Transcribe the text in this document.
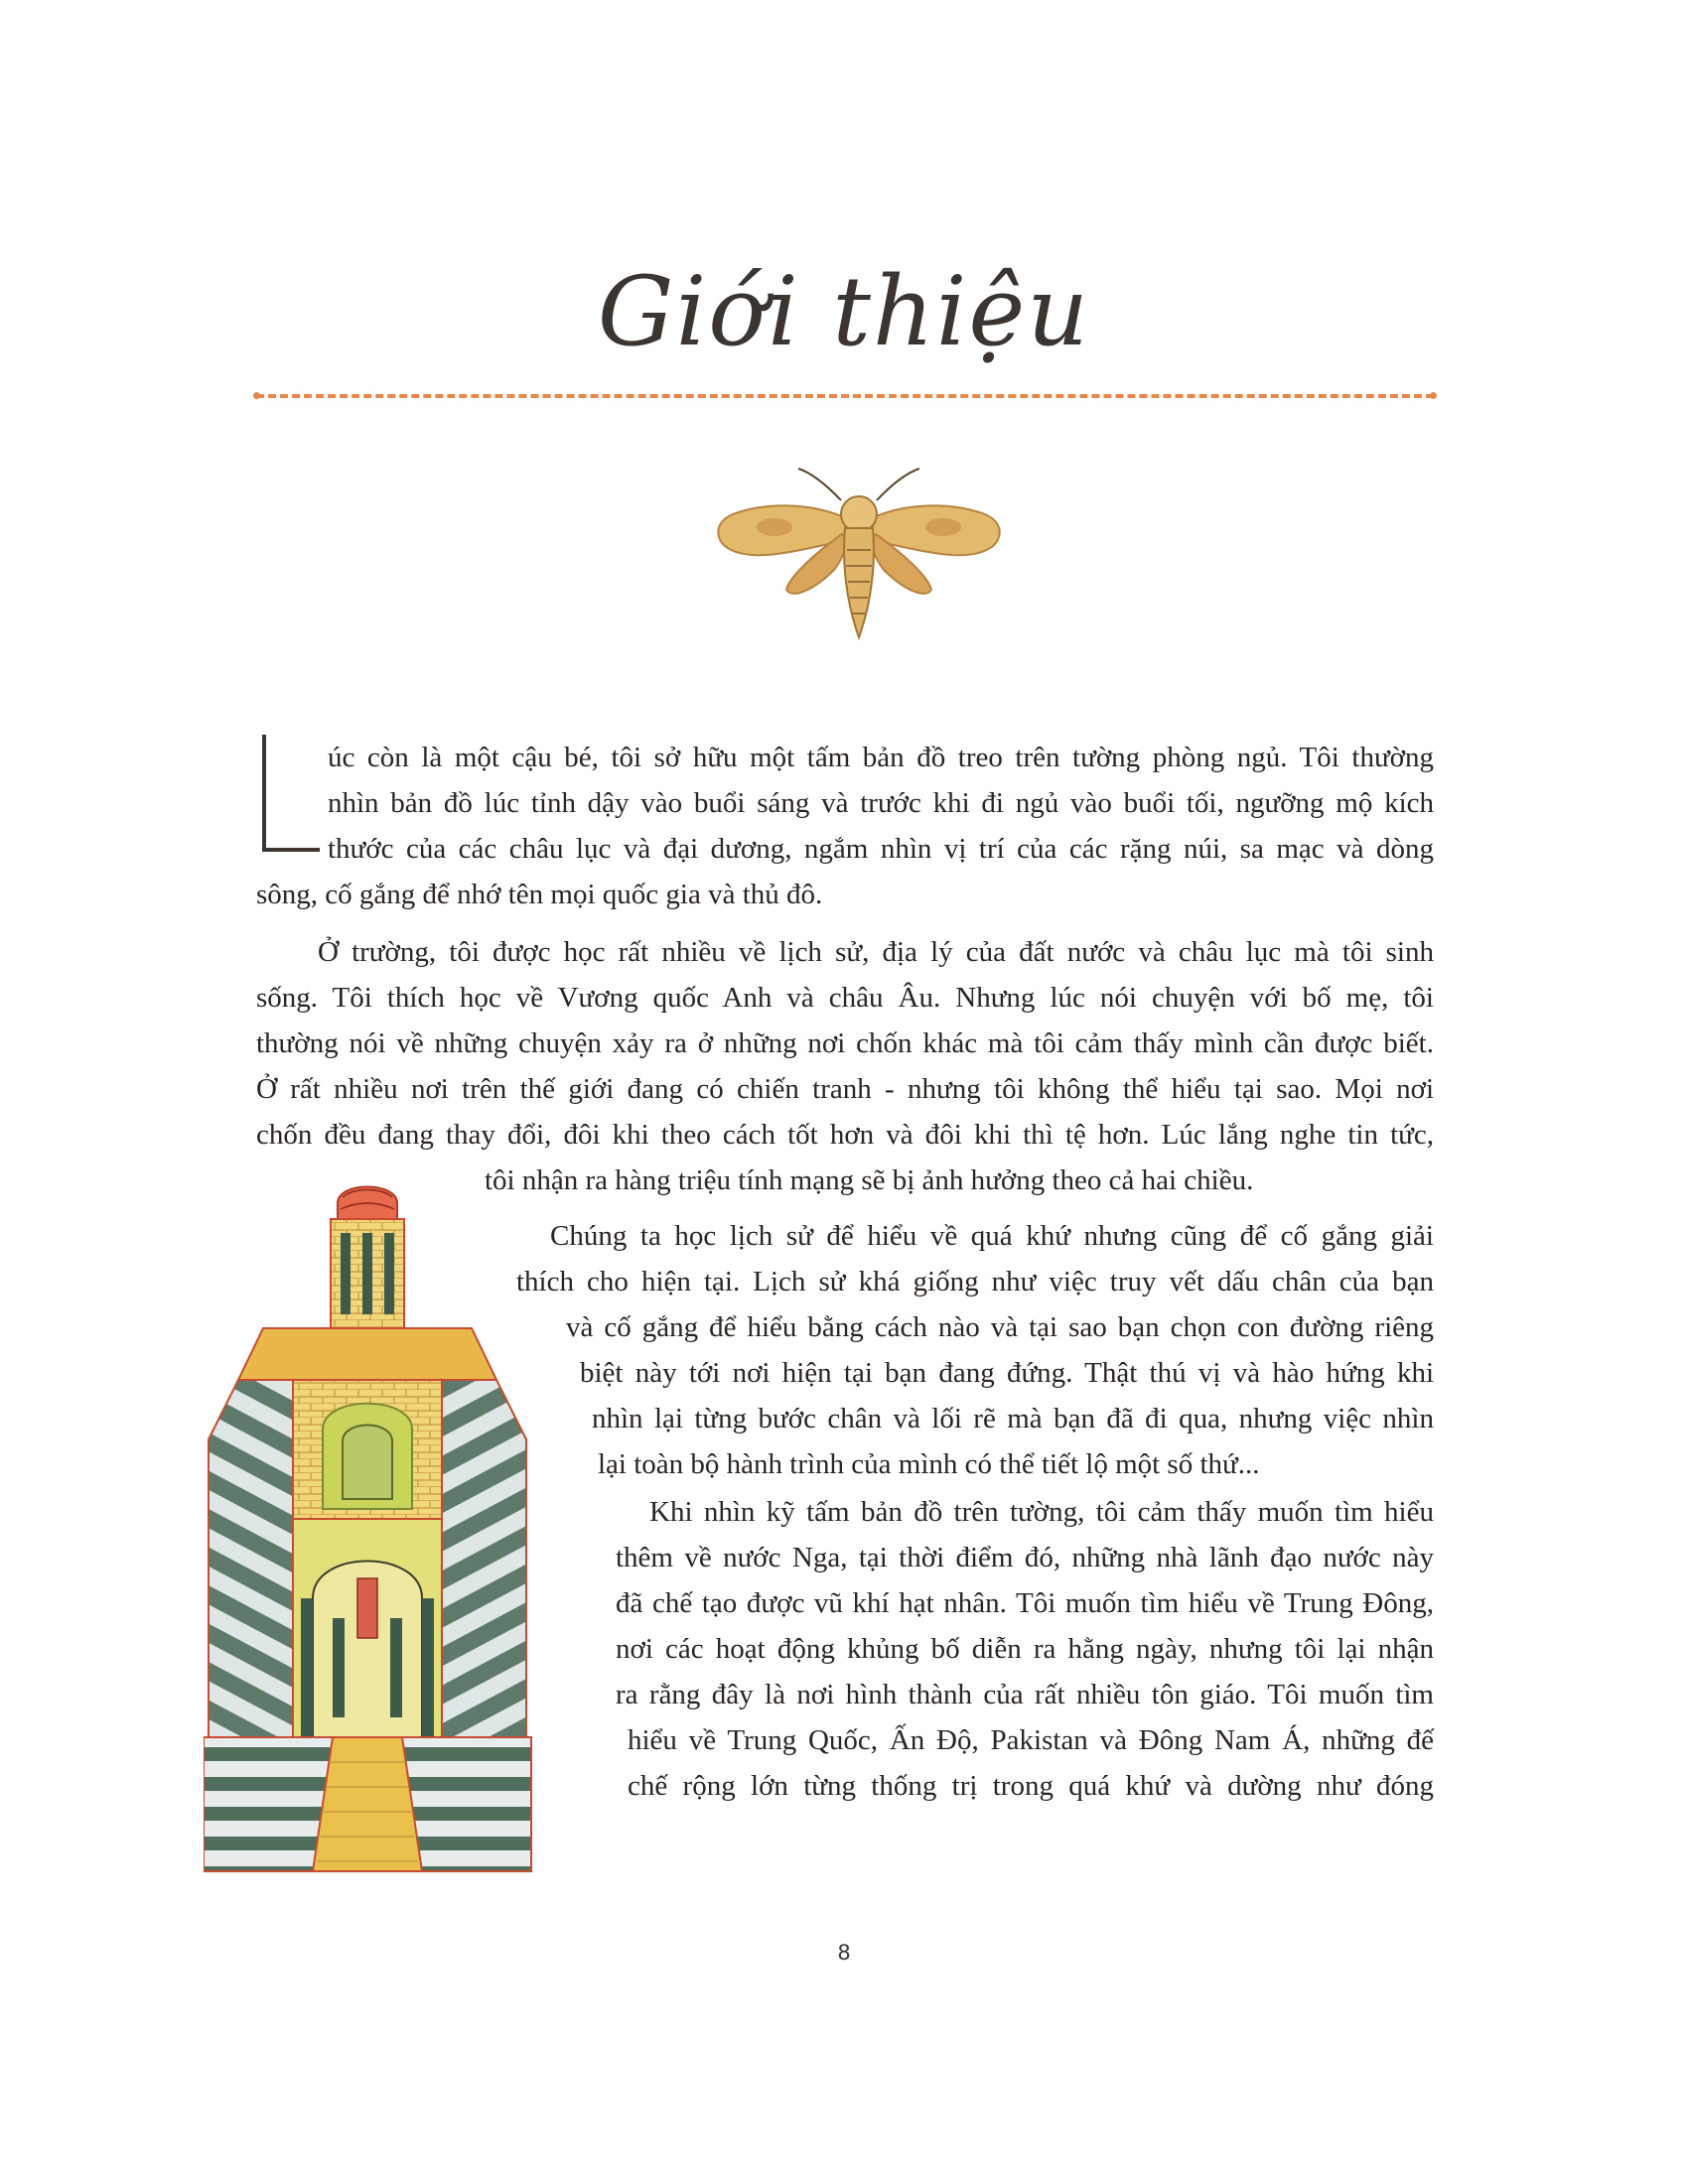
Giới thiệu

úc còn là một cậu bé, tôi sở hữu một tấm bản đồ treo trên tường phòng ngủ. Tôi thường
nhìn bản đồ lúc tỉnh dậy vào buổi sáng và trước khi đi ngủ vào buổi tối, ngưỡng mộ kích
thước của các châu lục và đại dương, ngắm nhìn vị trí của các rặng núi, sa mạc và dòng
sông, cố gắng để nhớ tên mọi quốc gia và thủ đô.

Ở trường, tôi được học rất nhiều về lịch sử, địa lý của đất nước và châu lục mà tôi sinh
sống. Tôi thích học về Vương quốc Anh và châu Âu. Nhưng lúc nói chuyện với bố mẹ, tôi
thường nói về những chuyện xảy ra ở những nơi chốn khác mà tôi cảm thấy mình cần được biết.
Ở rất nhiều nơi trên thế giới đang có chiến tranh - nhưng tôi không thể hiểu tại sao. Mọi nơi
chốn đều đang thay đổi, đôi khi theo cách tốt hơn và đôi khi thì tệ hơn. Lúc lắng nghe tin tức,
tôi nhận ra hàng triệu tính mạng sẽ bị ảnh hưởng theo cả hai chiều.

Chúng ta học lịch sử để hiểu về quá khứ nhưng cũng để cố gắng giải
thích cho hiện tại. Lịch sử khá giống như việc truy vết dấu chân của bạn
và cố gắng để hiểu bằng cách nào và tại sao bạn chọn con đường riêng
biệt này tới nơi hiện tại bạn đang đứng. Thật thú vị và hào hứng khi
nhìn lại từng bước chân và lối rẽ mà bạn đã đi qua, nhưng việc nhìn
lại toàn bộ hành trình của mình có thể tiết lộ một số thứ...

Khi nhìn kỹ tấm bản đồ trên tường, tôi cảm thấy muốn tìm hiểu
thêm về nước Nga, tại thời điểm đó, những nhà lãnh đạo nước này
đã chế tạo được vũ khí hạt nhân. Tôi muốn tìm hiểu về Trung Đông,
nơi các hoạt động khủng bố diễn ra hằng ngày, nhưng tôi lại nhận
ra rằng đây là nơi hình thành của rất nhiều tôn giáo. Tôi muốn tìm
hiểu về Trung Quốc, Ấn Độ, Pakistan và Đông Nam Á, những đế
chế rộng lớn từng thống trị trong quá khứ và dường như đóng

8
